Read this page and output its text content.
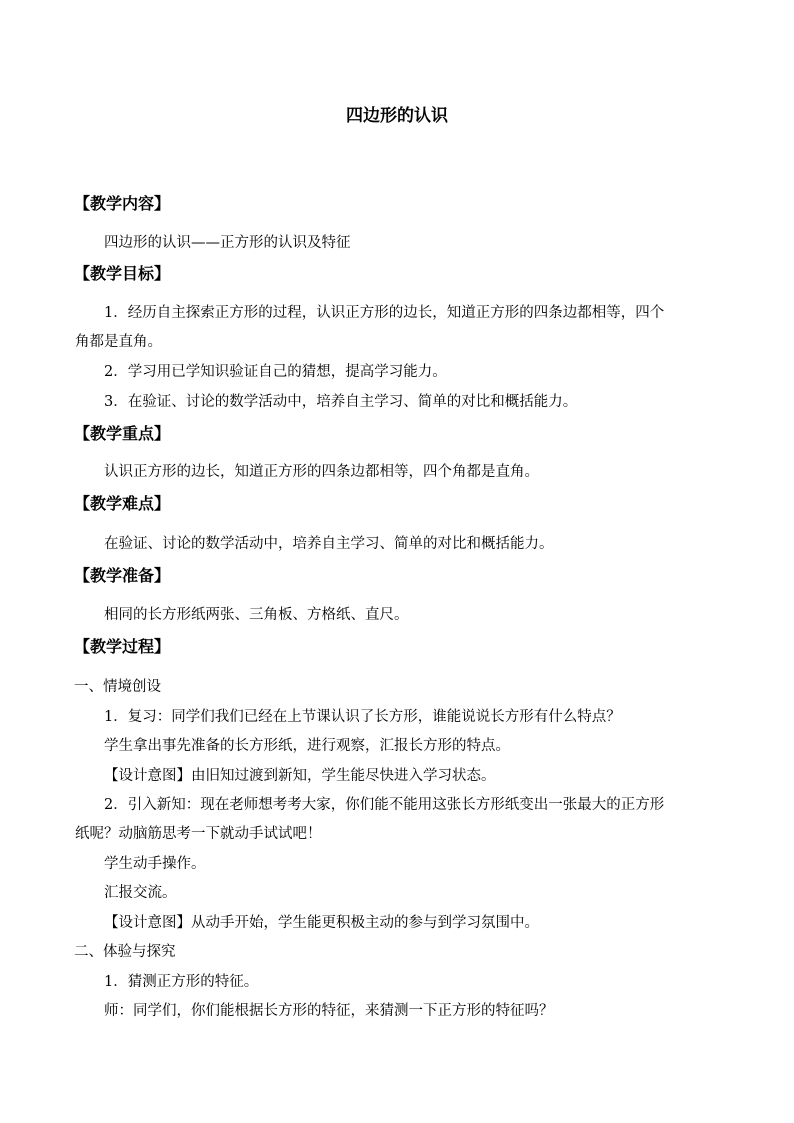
四边形的认识
【教学内容】
四边形的认识——正方形的认识及特征
【教学目标】
1．经历自主探索正方形的过程，认识正方形的边长，知道正方形的四条边都相等，四个
角都是直角。
2．学习用已学知识验证自己的猜想，提高学习能力。
3．在验证、讨论的数学活动中，培养自主学习、简单的对比和概括能力。
【教学重点】
认识正方形的边长，知道正方形的四条边都相等，四个角都是直角。
【教学难点】
在验证、讨论的数学活动中，培养自主学习、简单的对比和概括能力。
【教学准备】
相同的长方形纸两张、三角板、方格纸、直尺。
【教学过程】
一、情境创设
1．复习：同学们我们已经在上节课认识了长方形，谁能说说长方形有什么特点？
学生拿出事先准备的长方形纸，进行观察，汇报长方形的特点。
【设计意图】由旧知过渡到新知，学生能尽快进入学习状态。
2．引入新知：现在老师想考考大家，你们能不能用这张长方形纸变出一张最大的正方形
纸呢？动脑筋思考一下就动手试试吧！
学生动手操作。
汇报交流。
【设计意图】从动手开始，学生能更积极主动的参与到学习氛围中。
二、体验与探究
1．猜测正方形的特征。
师：同学们，你们能根据长方形的特征，来猜测一下正方形的特征吗？
